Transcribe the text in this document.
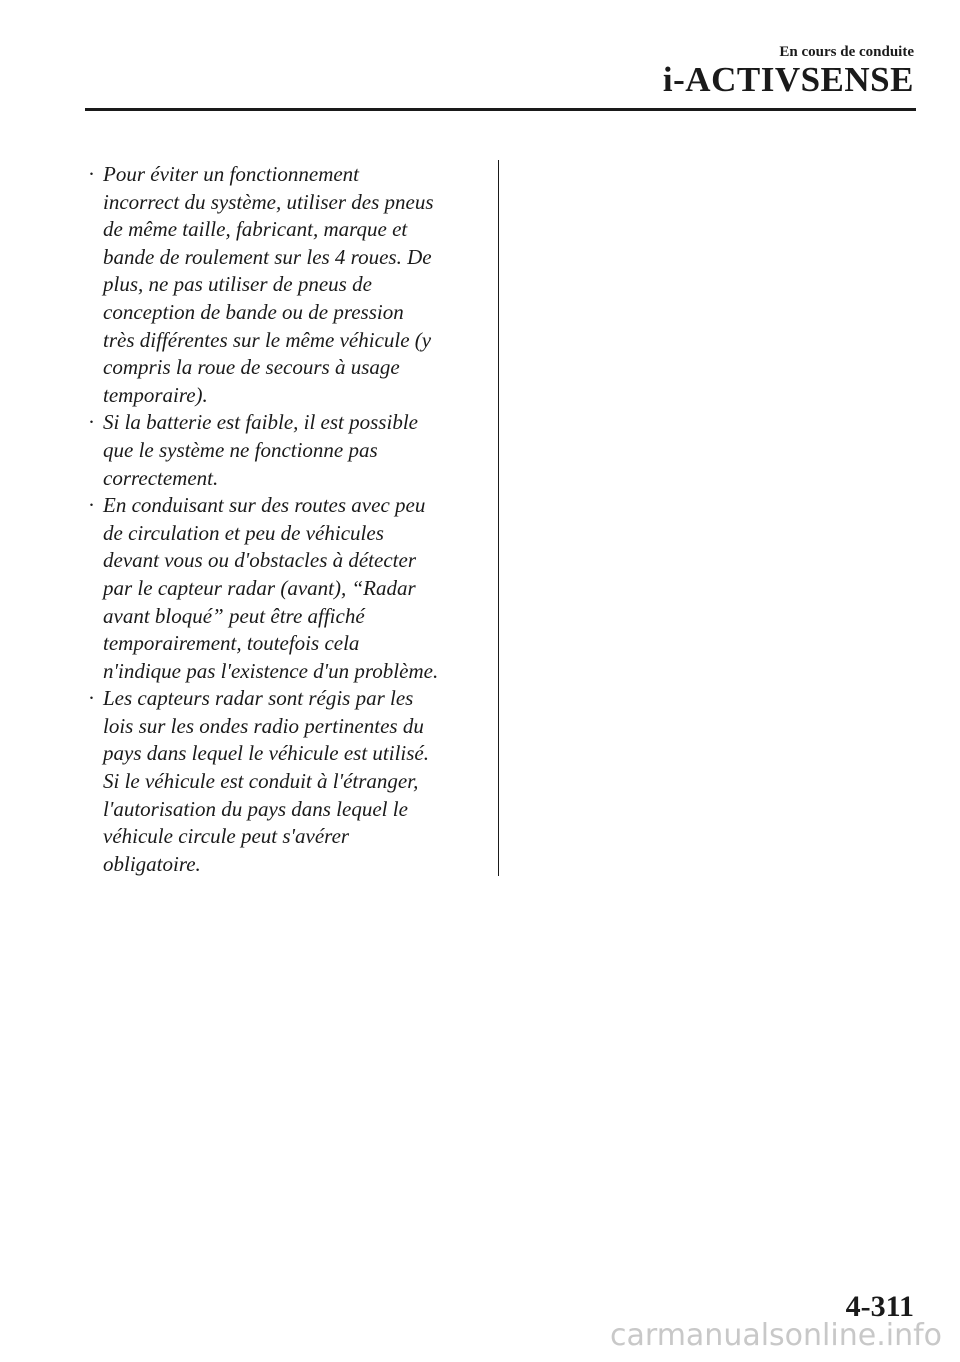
En cours de conduite
i-ACTIVSENSE
· Pour éviter un fonctionnement
incorrect du système, utiliser des pneus
de même taille, fabricant, marque et
bande de roulement sur les 4 roues. De
plus, ne pas utiliser de pneus de
conception de bande ou de pression
très différentes sur le même véhicule (y
compris la roue de secours à usage
temporaire).
· Si la batterie est faible, il est possible
que le système ne fonctionne pas
correctement.
· En conduisant sur des routes avec peu
de circulation et peu de véhicules
devant vous ou d'obstacles à détecter
par le capteur radar (avant), “Radar
avant bloqué” peut être affiché
temporairement, toutefois cela
n'indique pas l'existence d'un problème.
· Les capteurs radar sont régis par les
lois sur les ondes radio pertinentes du
pays dans lequel le véhicule est utilisé.
Si le véhicule est conduit à l'étranger,
l'autorisation du pays dans lequel le
véhicule circule peut s'avérer
obligatoire.
4-311
carmanualsonline.info
